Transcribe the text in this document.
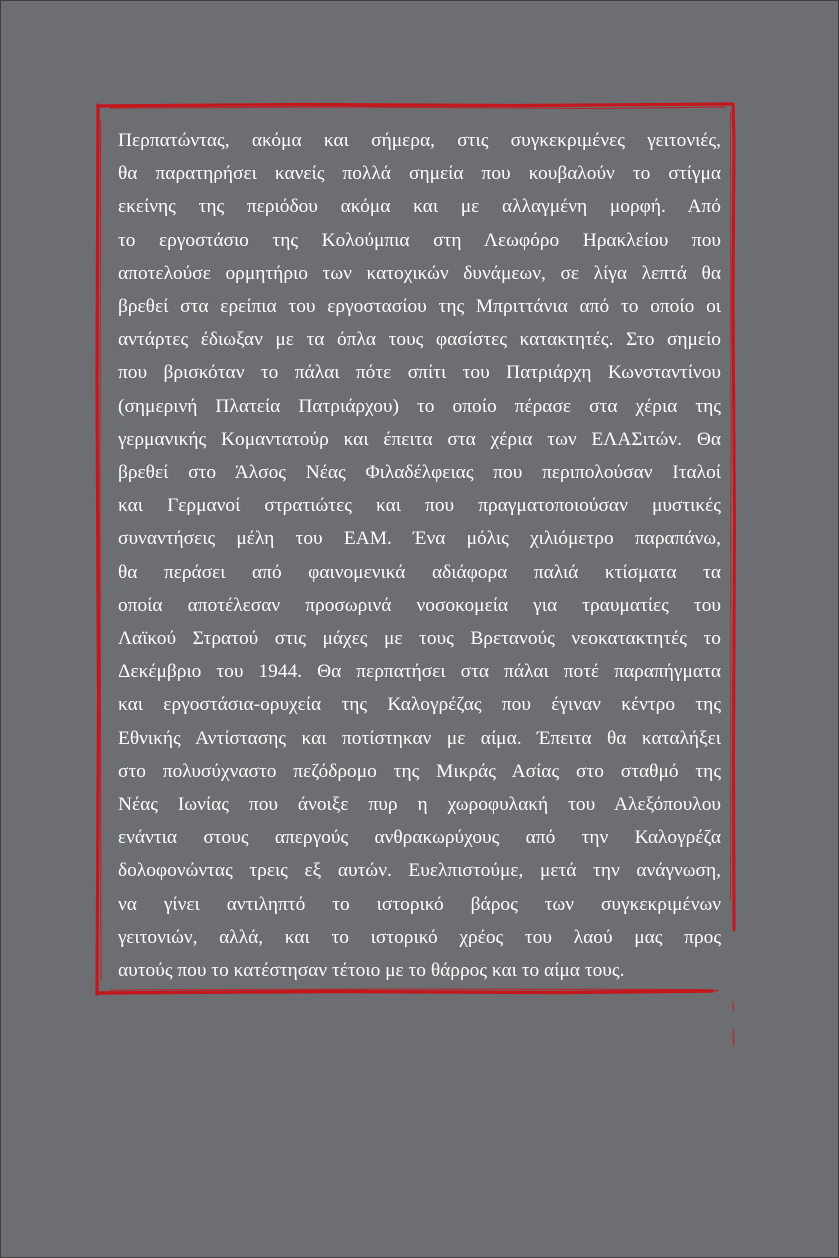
Περπατώντας, ακόμα και σήμερα, στις συγκεκριμένες γειτονιές,
θα παρατηρήσει κανείς πολλά σημεία που κουβαλούν το στίγμα
εκείνης της περιόδου ακόμα και με αλλαγμένη μορφή. Από
το εργοστάσιο της Κολούμπια στη Λεωφόρο Ηρακλείου που
αποτελούσε ορμητήριο των κατοχικών δυνάμεων, σε λίγα λεπτά θα
βρεθεί στα ερείπια του εργοστασίου της Μπριττάνια από το οποίο οι
αντάρτες έδιωξαν με τα όπλα τους φασίστες κατακτητές. Στο σημείο
που βρισκόταν το πάλαι πότε σπίτι του Πατριάρχη Κωνσταντίνου
(σημερινή Πλατεία Πατριάρχου) το οποίο πέρασε στα χέρια της
γερμανικής Κομαντατούρ και έπειτα στα χέρια των ΕΛΑΣιτών. Θα
βρεθεί στο Άλσος Νέας Φιλαδέλφειας που περιπολούσαν Ιταλοί
και Γερμανοί στρατιώτες και που πραγματοποιούσαν μυστικές
συναντήσεις μέλη του ΕΑΜ. Ένα μόλις χιλιόμετρο παραπάνω,
θα περάσει από φαινομενικά αδιάφορα παλιά κτίσματα τα
οποία αποτέλεσαν προσωρινά νοσοκομεία για τραυματίες του
Λαϊκού Στρατού στις μάχες με τους Βρετανούς νεοκατακτητές το
Δεκέμβριο του 1944. Θα περπατήσει στα πάλαι ποτέ παραπήγματα
και εργοστάσια-ορυχεία της Καλογρέζας που έγιναν κέντρο της
Εθνικής Αντίστασης και ποτίστηκαν με αίμα. Έπειτα θα καταλήξει
στο πολυσύχναστο πεζόδρομο της Μικράς Ασίας στο σταθμό της
Νέας Ιωνίας που άνοιξε πυρ η χωροφυλακή του Αλεξόπουλου
ενάντια στους απεργούς ανθρακωρύχους από την Καλογρέζα
δολοφονώντας τρεις εξ αυτών. Ευελπιστούμε, μετά την ανάγνωση,
να γίνει αντιληπτό το ιστορικό βάρος των συγκεκριμένων
γειτονιών, αλλά, και το ιστορικό χρέος του λαού μας προς
αυτούς που το κατέστησαν τέτοιο με το θάρρος και το αίμα τους.
